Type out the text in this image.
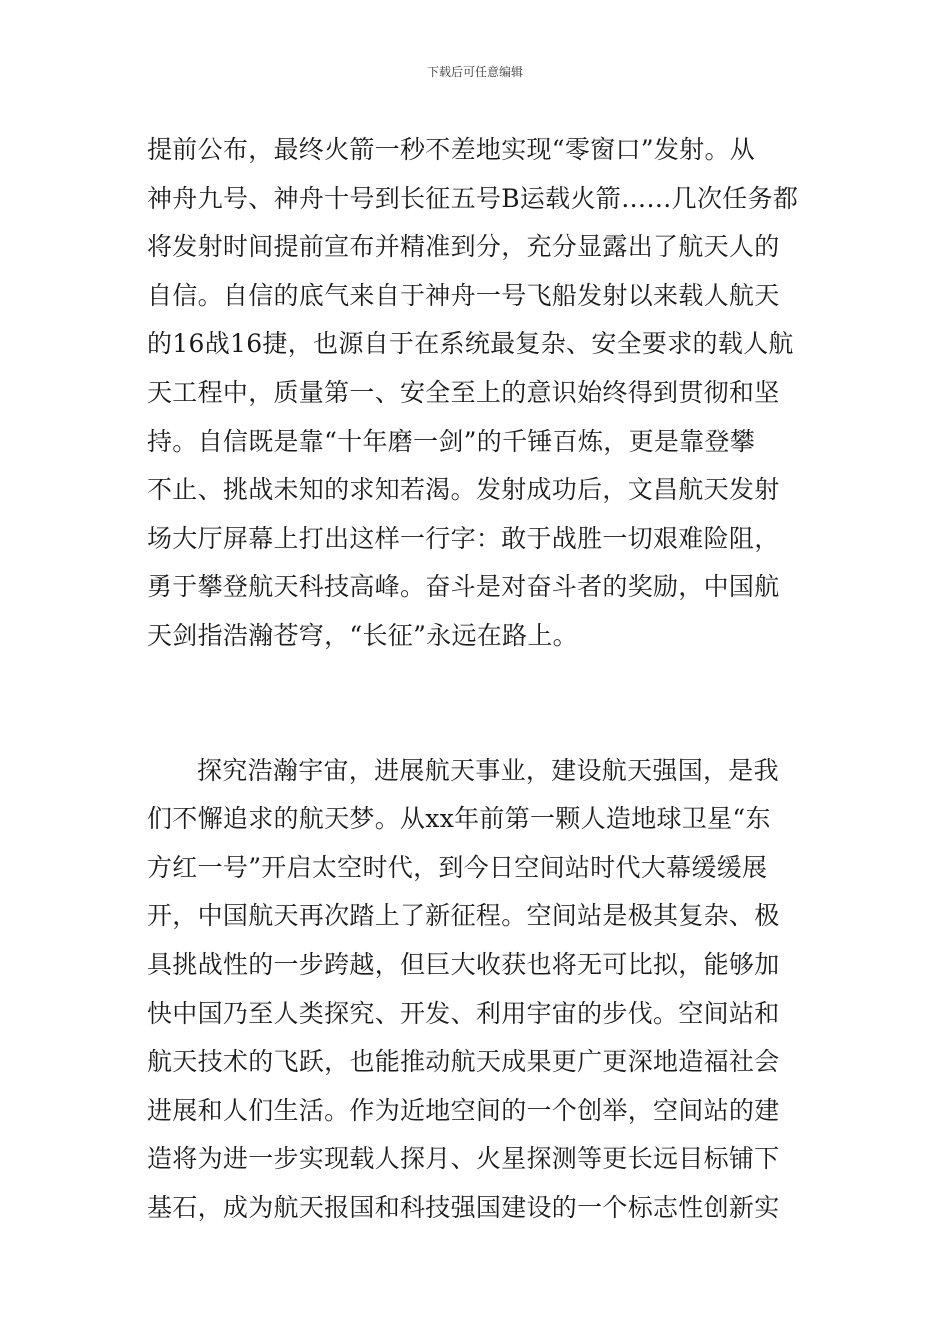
下载后可任意编辑
提前公布，最终火箭一秒不差地实现“零窗口”发射。从
神舟九号、神舟十号到长征五号B运载火箭……几次任务都
将发射时间提前宣布并精准到分，充分显露出了航天人的
自信。自信的底气来自于神舟一号飞船发射以来载人航天
的16战16捷，也源自于在系统最复杂、安全要求的载人航
天工程中，质量第一、安全至上的意识始终得到贯彻和坚
持。自信既是靠“十年磨一剑”的千锤百炼，更是靠登攀
不止、挑战未知的求知若渴。发射成功后，文昌航天发射
场大厅屏幕上打出这样一行字：敢于战胜一切艰难险阻，
勇于攀登航天科技高峰。奋斗是对奋斗者的奖励，中国航
天剑指浩瀚苍穹，“长征”永远在路上。
探究浩瀚宇宙，进展航天事业，建设航天强国，是我
们不懈追求的航天梦。从xx年前第一颗人造地球卫星“东
方红一号”开启太空时代，到今日空间站时代大幕缓缓展
开，中国航天再次踏上了新征程。空间站是极其复杂、极
具挑战性的一步跨越，但巨大收获也将无可比拟，能够加
快中国乃至人类探究、开发、利用宇宙的步伐。空间站和
航天技术的飞跃，也能推动航天成果更广更深地造福社会
进展和人们生活。作为近地空间的一个创举，空间站的建
造将为进一步实现载人探月、火星探测等更长远目标铺下
基石，成为航天报国和科技强国建设的一个标志性创新实
